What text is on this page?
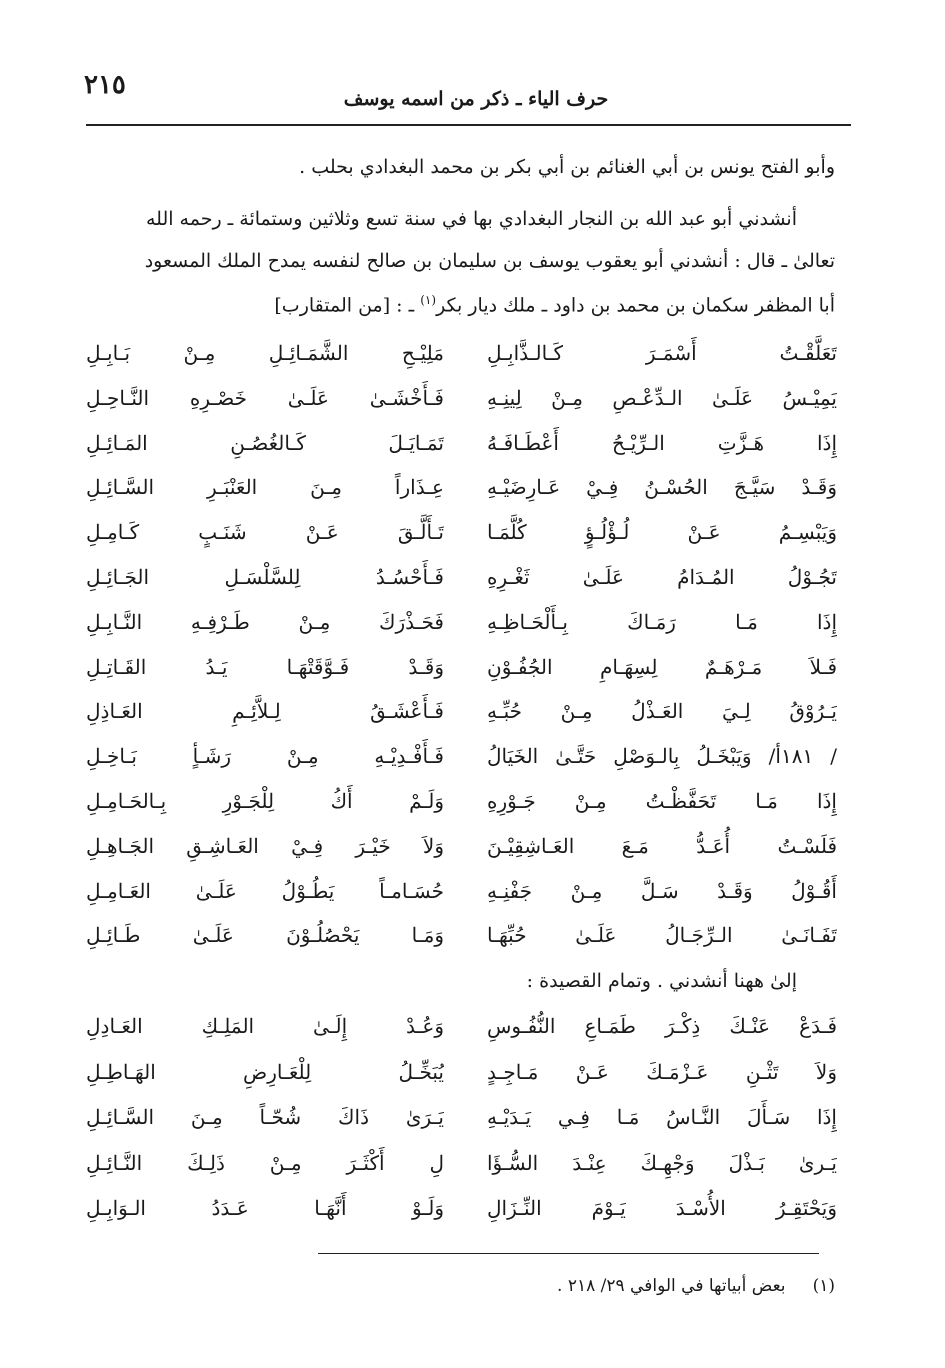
٢١٥	حرف الياء ـ ذكر من اسمه يوسف
وأبو الفتح يونس بن أبي الغنائم بن أبي بكر بن محمد البغدادي بحلب .
أنشدني أبو عبد الله بن النجار البغدادي بها في سنة تسع وثلاثين وستمائة ـ رحمه الله
تعالىٰ ـ قال : أنشدني أبو يعقوب يوسف بن سليمان بن صالح لنفسه يمدح الملك المسعود
أبا المظفر سكمان بن محمد بن داود ـ ملك ديار بكر$^{(١)}$ ـ : [من المتقارب]
تَعَلَّقْـتُ أَسْمَـرَ كَـالـذَّابِـلِ
مَلِيْـحِ الشَّمَـائِـلِ مِـنْ بَـابِـلِ
يَمِيْـسُ عَلَـىٰ الـدِّعْـصِ مِـنْ لِينِـهِ
فَـأَخْشَـىٰ عَلَـىٰ خَصْـرِهِ النَّـاحِـلِ
إِذَا هَـزَّتِ الـرِّيْـحُ أَعْطَـافَـهُ
تَمَـايَـلَ كَـالغُصُـنِ المَـائِـلِ
وَقَـدْ سَيَّـجَ الحُسْـنُ فِـيْ عَـارِضَيْـهِ
عِـذَاراً مِـنَ العَنْبَـرِ السَّـائِـلِ
وَيَبْسِـمُ عَـنْ لُـؤْلُـؤٍ كُلَّمَـا
تَـأَلَّـقَ عَـنْ شَنَـبٍ كَـامِـلِ
تَجُـوْلُ المُـدَامُ عَلَـىٰ ثَغْـرِهِ
فَـأَحْسُـدُ لِلسَّلْسَـلِ الجَـائِـلِ
إِذَا مَـا رَمَـاكَ بِـأَلْحَـاظِـهِ
فَحَـذْرَكَ مِـنْ طَـرْفِـهِ النَّـابِـلِ
فَـلاَ مَـرْهَـمٌ لِسِهَـامِ الجُفُـوْنِ
وَقَـدْ فَـوَّقَتْهَـا يَـدُ القَـاتِـلِ
يَـرُوْقُ لِـيَ العَـذْلُ مِـنْ حُبِّـهِ
فَـأَعْشَـقُ لِـلاَّئِـمِ العَـاذِلِ
/ ١٨١أ/ وَيَبْخَـلُ بِالـوَصْلِ حَتَّـىٰ الخَيَالُ
فَـأَفْـدِيْـهِ مِـنْ رَشَـأٍ بَـاخِـلِ
إِذَا مَـا تَحَفَّظْـتُ مِـنْ جَـوْرِهِ
وَلَـمْ أَكُ لِلْجَـوْرِ بِـالحَـامِـلِ
فَلَسْـتُ أُعَـدُّ مَـعَ العَـاشِقِيْـنَ
وَلاَ خَيْـرَ فِـيْ العَـاشِـقِ الجَـاهِـلِ
أَقُـوْلُ وَقَـدْ سَـلَّ مِـنْ جَفْنِـهِ
حُسَـامـاً يَطُـوْلُ عَلَـىٰ العَـامِـلِ
تَفَـانَـىٰ الـرِّجَـالُ عَلَـىٰ حُبِّهَـا
وَمَـا يَحْصُلُـوْنَ عَلَـىٰ طَـائِـلِ
إلىٰ ههنا أنشدني . وتمام القصيدة :
فَـدَعْ عَنْـكَ ذِكْـرَ طَمَـاعِ النُّفُـوسِ
وَعُـدْ إِلَـىٰ المَلِـكِ العَـادِلِ
وَلاَ تَثْـنِ عَـزْمَـكَ عَـنْ مَـاجِـدٍ
يُبَخِّـلُ لِلْعَـارِضِ الهَـاطِـلِ
إِذَا سَـأَلَ النَّـاسُ مَـا فِـي يَـدَيْـهِ
يَـرَىٰ ذَاكَ شُحّـاً مِـنَ السَّـائِـلِ
يَـرىٰ بَـذْلَ وَجْهِـكَ عِنْـدَ السُّـؤَا
لِ أَكْثَـرَ مِـنْ ذَلِـكَ النَّـائِـلِ
وَيَحْتَقِـرُ الأُسْـدَ يَـوْمَ النِّـزَالِ
وَلَـوْ أَنَّهَـا عَـدَدُ الـوَابِـلِ
(١)     بعض أبياتها في الوافي ٢٩/ ٢١٨ .
